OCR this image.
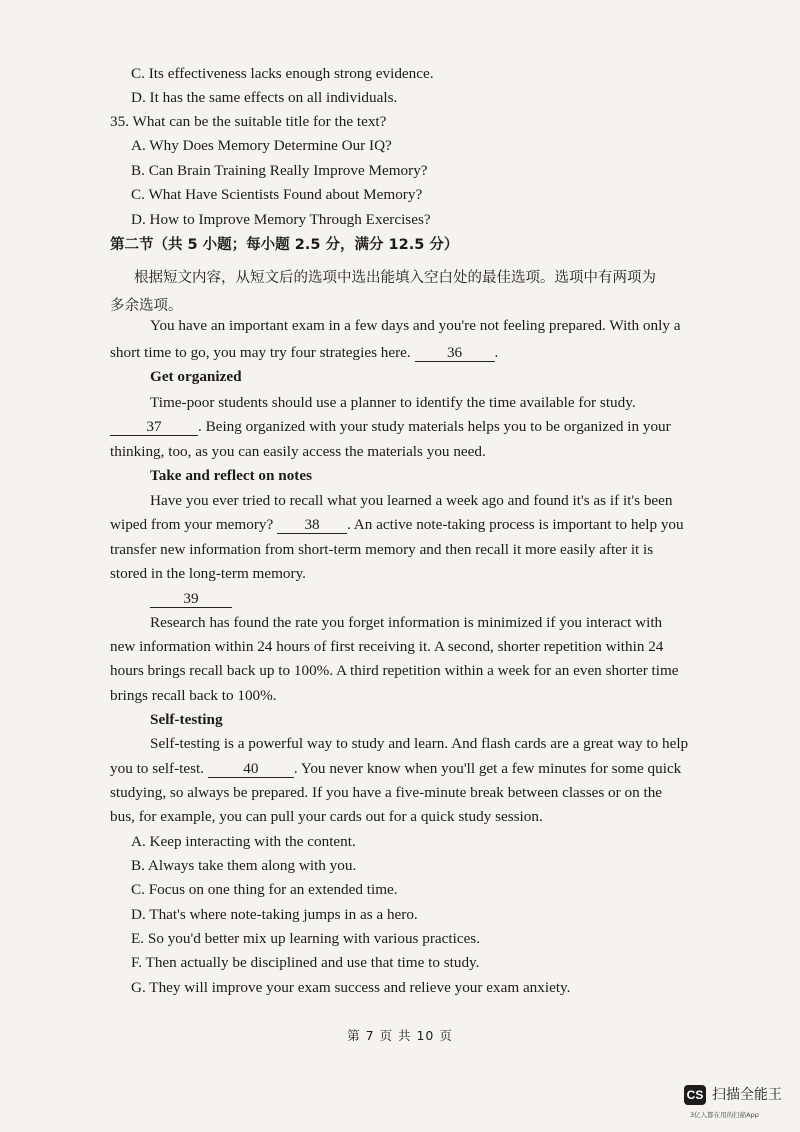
C. Its effectiveness lacks enough strong evidence.
D. It has the same effects on all individuals.
35. What can be the suitable title for the text?
A. Why Does Memory Determine Our IQ?
B. Can Brain Training Really Improve Memory?
C. What Have Scientists Found about Memory?
D. How to Improve Memory Through Exercises?
第二节（共 5 小题；每小题 2.5 分，满分 12.5 分）
根据短文内容，从短文后的选项中选出能填入空白处的最佳选项。选项中有两项为
多余选项。
You have an important exam in a few days and you're not feeling prepared. With only a
short time to go, you may try four strategies here. 36 .
Get organized
Time-poor students should use a planner to identify the time available for study.
37 . Being organized with your study materials helps you to be organized in your
thinking, too, as you can easily access the materials you need.
Take and reflect on notes
Have you ever tried to recall what you learned a week ago and found it's as if it's been
wiped from your memory? 38 . An active note-taking process is important to help you
transfer new information from short-term memory and then recall it more easily after it is
stored in the long-term memory.
39
Research has found the rate you forget information is minimized if you interact with
new information within 24 hours of first receiving it. A second, shorter repetition within 24
hours brings recall back up to 100%. A third repetition within a week for an even shorter time
brings recall back to 100%.
Self-testing
Self-testing is a powerful way to study and learn. And flash cards are a great way to help
you to self-test. 40 . You never know when you'll get a few minutes for some quick
studying, so always be prepared. If you have a five-minute break between classes or on the
bus, for example, you can pull your cards out for a quick study session.
A. Keep interacting with the content.
B. Always take them along with you.
C. Focus on one thing for an extended time.
D. That's where note-taking jumps in as a hero.
E. So you'd better mix up learning with various practices.
F. Then actually be disciplined and use that time to study.
G. They will improve your exam success and relieve your exam anxiety.
第 7 页 共 10 页
CS 扫描全能王
3亿人都在用的扫描App
